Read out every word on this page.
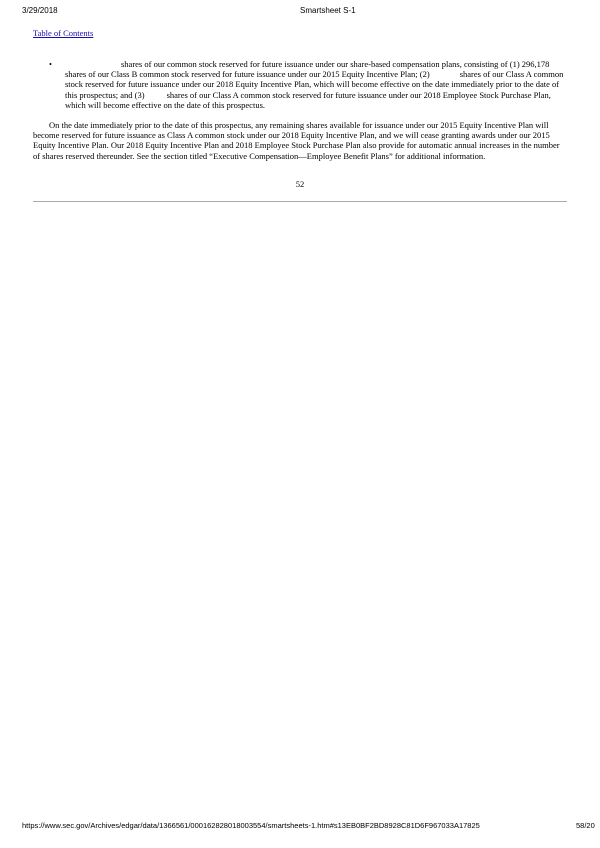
3/29/2018	Smartsheet S-1
Table of Contents
•	shares of our common stock reserved for future issuance under our share-based compensation plans, consisting of (1) 296,178 shares of our Class B common stock reserved for future issuance under our 2015 Equity Incentive Plan; (2)	shares of our Class A common stock reserved for future issuance under our 2018 Equity Incentive Plan, which will become effective on the date immediately prior to the date of this prospectus; and (3)	shares of our Class A common stock reserved for future issuance under our 2018 Employee Stock Purchase Plan, which will become effective on the date of this prospectus.
On the date immediately prior to the date of this prospectus, any remaining shares available for issuance under our 2015 Equity Incentive Plan will become reserved for future issuance as Class A common stock under our 2018 Equity Incentive Plan, and we will cease granting awards under our 2015 Equity Incentive Plan. Our 2018 Equity Incentive Plan and 2018 Employee Stock Purchase Plan also provide for automatic annual increases in the number of shares reserved thereunder. See the section titled “Executive Compensation—Employee Benefit Plans” for additional information.
52
https://www.sec.gov/Archives/edgar/data/1366561/000162828018003554/smartsheets-1.htm#s13EB0BF2BD8928C81D6F967033A17825	58/20
